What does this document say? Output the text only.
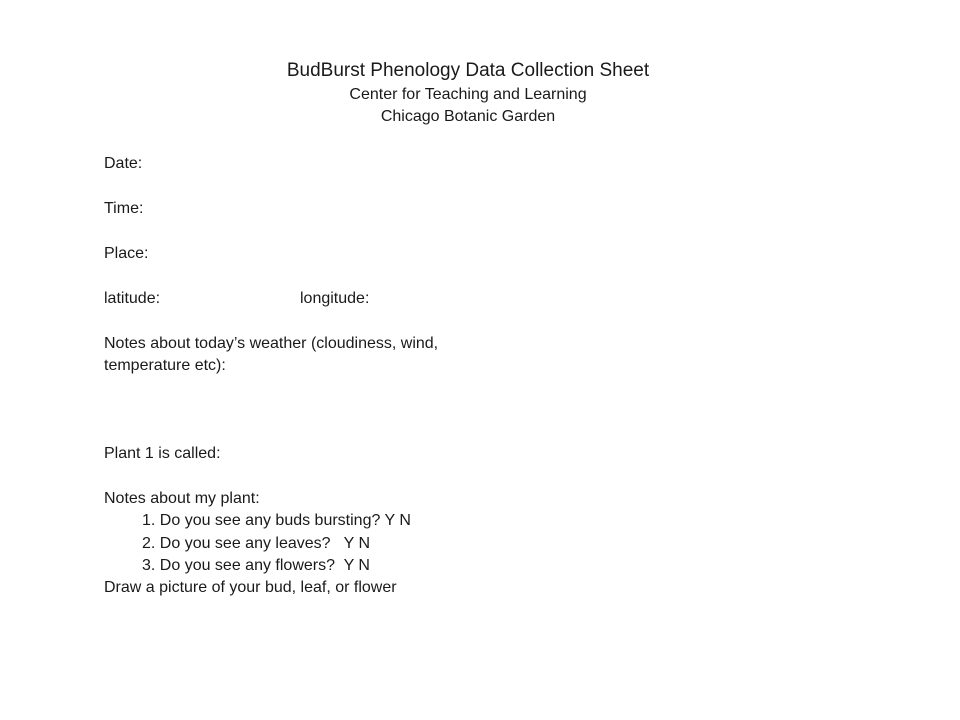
BudBurst Phenology Data Collection Sheet
Center for Teaching and Learning
Chicago Botanic Garden
Date:
Time:
Place:
latitude:	longitude:
Notes about today’s weather (cloudiness, wind,
temperature etc):
Plant 1 is called:
Notes about my plant:
1. Do you see any buds bursting? Y N
2. Do you see any leaves?   Y N
3. Do you see any flowers?  Y N
Draw a picture of your bud, leaf, or flower
